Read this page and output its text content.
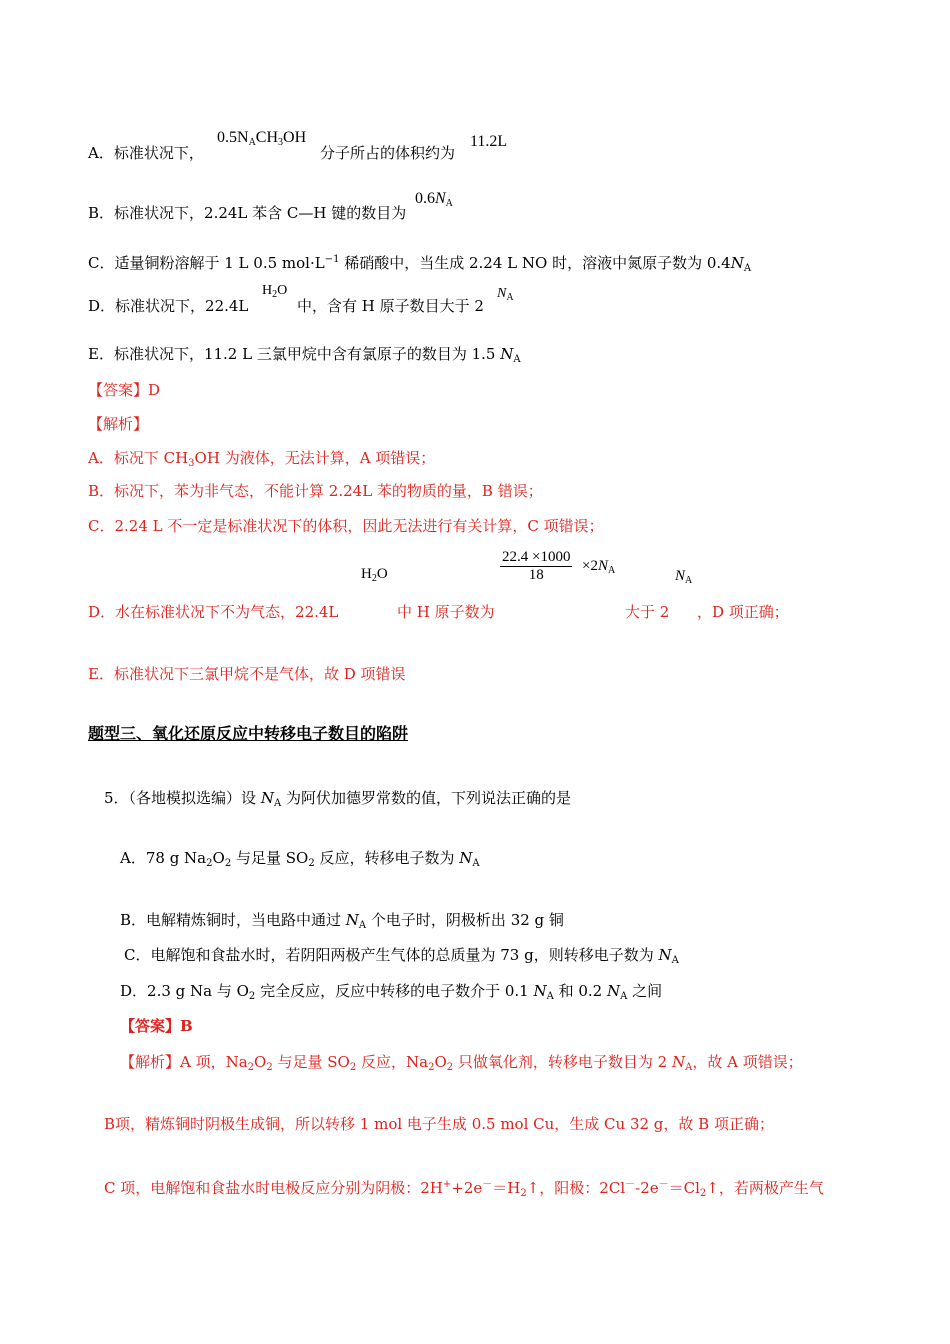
A．标准状况下，
$0.5N_ACH_3OH$
分子所占的体积约为
11.2L
B．标准状况下，2.24L 苯含 C—H 键的数目为
$0.6N_A$
C．适量铜粉溶解于 1 L 0.5 $mol\cdot L^{-1}$ 稀硝酸中，当生成 2.24 L NO 时，溶液中氮原子数为 $0.4N_A$
D．标准状况下，22.4L
$H_2O$
中，含有 H 原子数目大于 2
$N_A$
E．标准状况下，11.2 L 三氯甲烷中含有氯原子的数目为 1.5 $N_A$
【答案】D
【解析】
A．标况下 $CH_3OH$ 为液体，无法计算，A 项错误；
B．标况下，苯为非气态，不能计算 2.24L 苯的物质的量，B 错误；
C．2.24 L 不一定是标准状况下的体积，因此无法进行有关计算，C 项错误；
$H_2O$	$\frac{22.4 \times 1000}{18} \times 2N_A$	$N_A$
D．水在标准状况下不为气态，22.4L	中 H 原子数为	大于 2 ，D 项正确；
E．标准状况下三氯甲烷不是气体，故 D 项错误
题型三、氧化还原反应中转移电子数目的陷阱
5．（各地模拟选编）设 $N_A$ 为阿伏加德罗常数的值，下列说法正确的是
A．78 g $Na_2O_2$ 与足量 $SO_2$ 反应，转移电子数为 $N_A$
B．电解精炼铜时，当电路中通过 $N_A$ 个电子时，阴极析出 32 g 铜
C．电解饱和食盐水时，若阴阳两极产生气体的总质量为 73 g，则转移电子数为 $N_A$
D．2.3 g Na 与 $O_2$ 完全反应，反应中转移的电子数介于 0.1 $N_A$ 和 0.2 $N_A$ 之间
【答案】B
【解析】A 项，$Na_2O_2$ 与足量 $SO_2$ 反应，$Na_2O_2$ 只做氧化剂，转移电子数目为 2 $N_A$，故 A 项错误；
B项，精炼铜时阴极生成铜，所以转移 1 mol 电子生成 0.5 mol Cu，生成 Cu 32 g，故 B 项正确；
C 项，电解饱和食盐水时电极反应分别为阴极：$2H^++2e^-=H_2↑$，阳极：$2Cl^--2e^-=Cl_2↑$，若两极产生气
